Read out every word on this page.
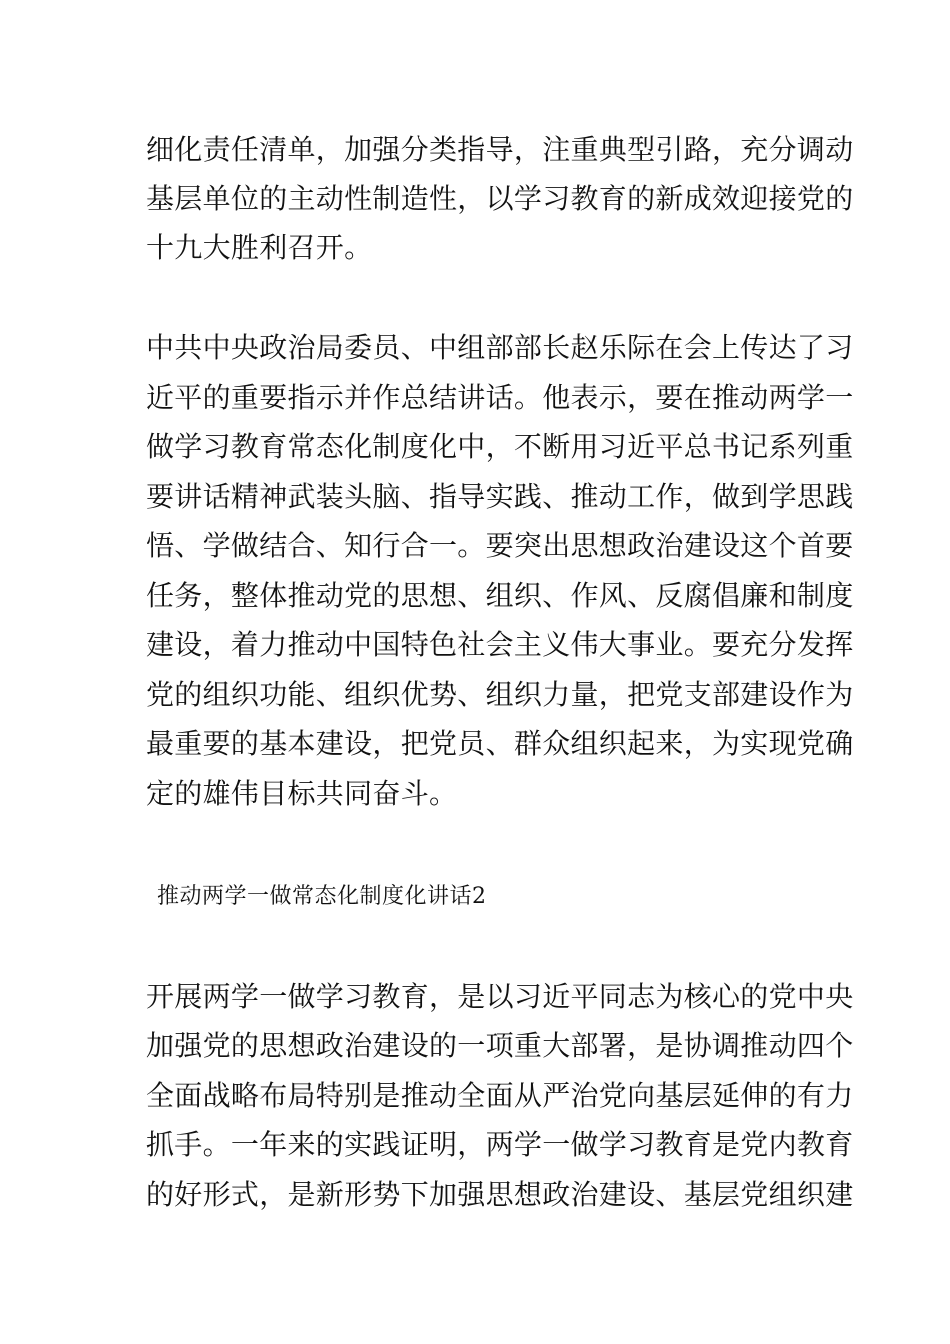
细化责任清单，加强分类指导，注重典型引路，充分调动
基层单位的主动性制造性，以学习教育的新成效迎接党的
十九大胜利召开。
中共中央政治局委员、中组部部长赵乐际在会上传达了习
近平的重要指示并作总结讲话。他表示，要在推动两学一
做学习教育常态化制度化中，不断用习近平总书记系列重
要讲话精神武装头脑、指导实践、推动工作，做到学思践
悟、学做结合、知行合一。要突出思想政治建设这个首要
任务，整体推动党的思想、组织、作风、反腐倡廉和制度
建设，着力推动中国特色社会主义伟大事业。要充分发挥
党的组织功能、组织优势、组织力量，把党支部建设作为
最重要的基本建设，把党员、群众组织起来，为实现党确
定的雄伟目标共同奋斗。
推动两学一做常态化制度化讲话2
开展两学一做学习教育，是以习近平同志为核心的党中央
加强党的思想政治建设的一项重大部署，是协调推动四个
全面战略布局特别是推动全面从严治党向基层延伸的有力
抓手。一年来的实践证明，两学一做学习教育是党内教育
的好形式，是新形势下加强思想政治建设、基层党组织建
